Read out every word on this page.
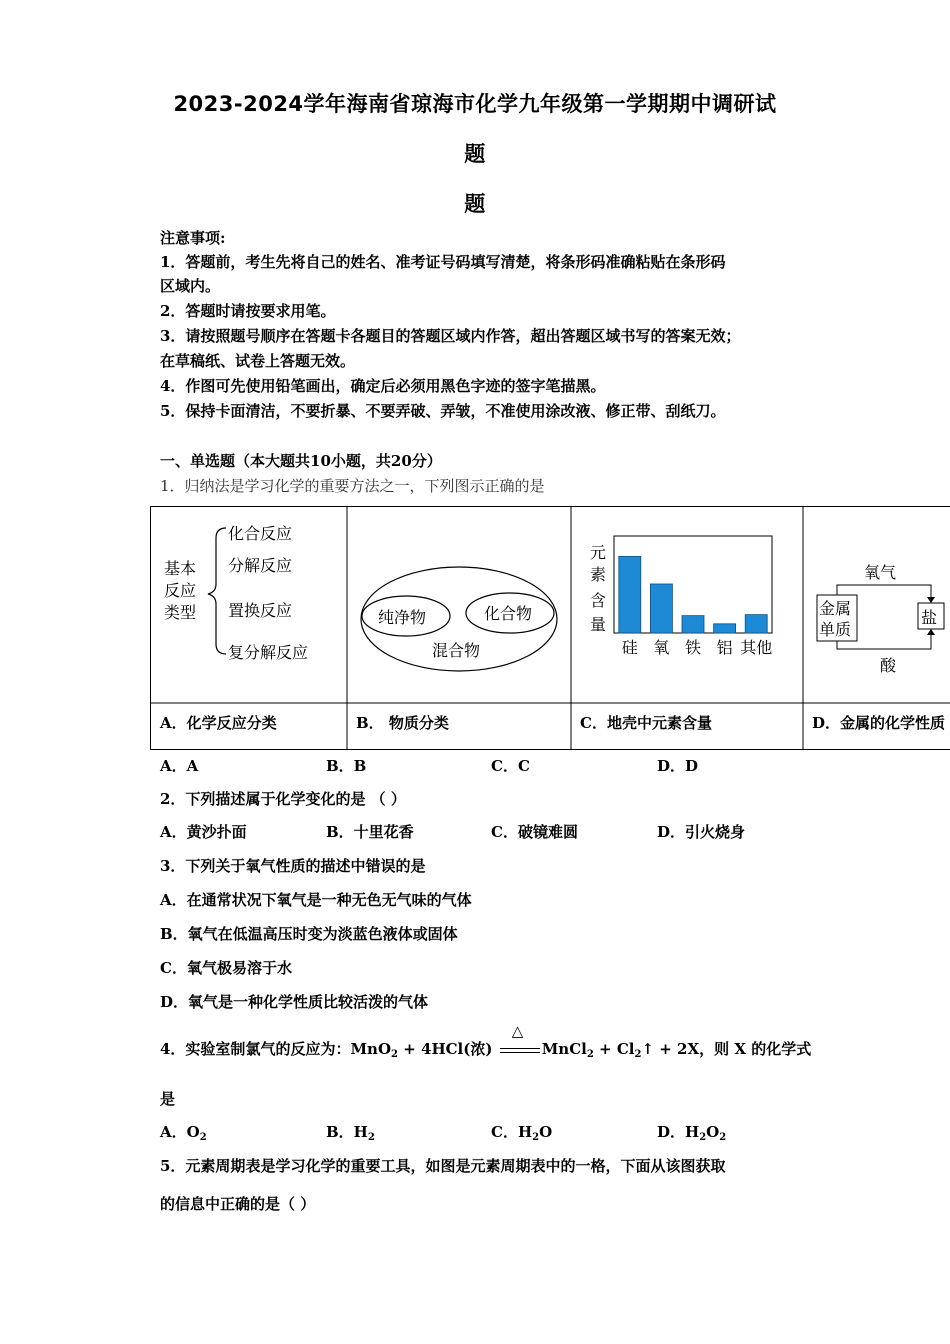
2023-2024学年海南省琼海市化学九年级第一学期期中调研试
题
题
注意事项:
1．答题前，考生先将自己的姓名、准考证号码填写清楚，将条形码准确粘贴在条形码
区域内。
2．答题时请按要求用笔。
3．请按照题号顺序在答题卡各题目的答题区域内作答，超出答题区域书写的答案无效；
在草稿纸、试卷上答题无效。
4．作图可先使用铅笔画出，确定后必须用黑色字迹的签字笔描黑。
5．保持卡面清洁，不要折暴、不要弄破、弄皱，不准使用涂改液、修正带、刮纸刀。
一、单选题（本大题共10小题，共20分）
1．归纳法是学习化学的重要方法之一，下列图示正确的是
基本
反应
类型
化合反应
分解反应
置换反应
复分解反应
纯净物	化合物
混合物
元
素
含
量
硅 氧 铁 铝 其他
氧气
金属
单质
盐
酸
A．化学反应分类	B． 物质分类	C．地壳中元素含量	D．金属的化学性质
A．A	B．B	C．C	D．D
2．下列描述属于化学变化的是 （ ）
A．黄沙扑面	B．十里花香	C．破镜难圆	D．引火烧身
3．下列关于氧气性质的描述中错误的是
A．在通常状况下氧气是一种无色无气味的气体
B．氧气在低温高压时变为淡蓝色液体或固体
C．氧气极易溶于水
D．氧气是一种化学性质比较活泼的气体
4．实验室制氯气的反应为：MnO$_2$ + 4HCl(浓)
△
MnCl$_2$ + $Cl_2↑ + 2X$，则 X 的化学式
是
A．$O_2$	B．$H_2$	C．$H_2O$	D．$H_2O_2$
5．元素周期表是学习化学的重要工具，如图是元素周期表中的一格，下面从该图获取
的信息中正确的是（ ）
